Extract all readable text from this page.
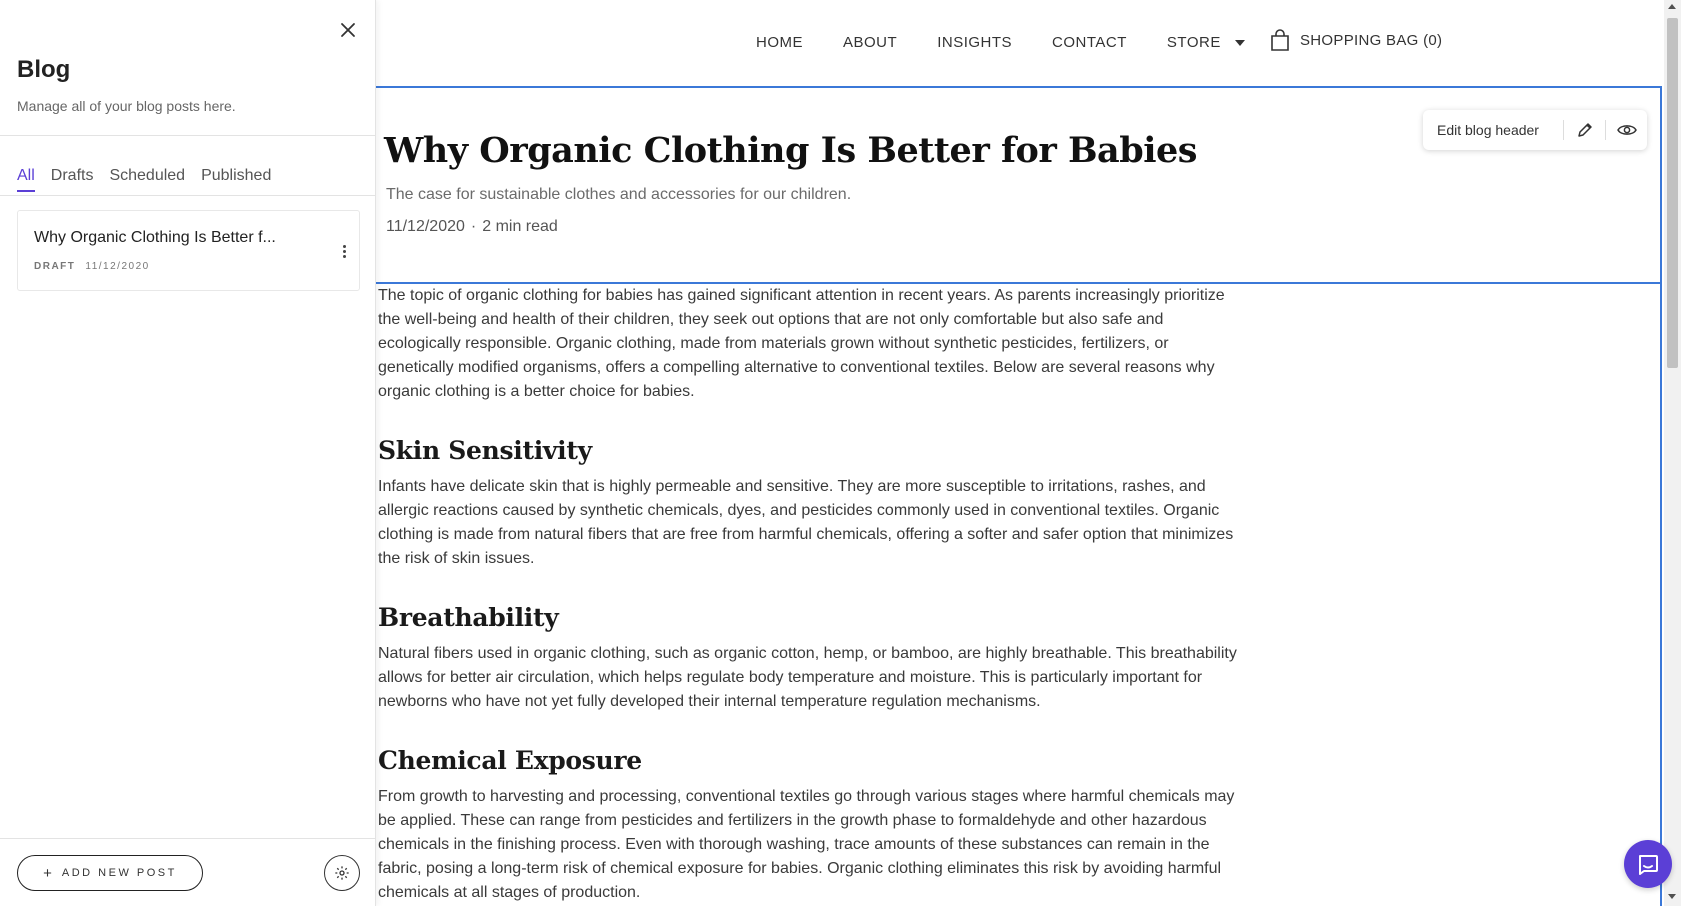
Blog

Manage all of your blog posts here.

All Drafts Scheduled Published
Why Organic Clothing Is Better f...
DRAFT 11/12/2020
+ ADD NEW POST
HOME	ABOUT	INSIGHTS	CONTACT	STORE	SHOPPING BAG (0)
Why Organic Clothing Is Better for Babies

The case for sustainable clothes and accessories for our children.

11/12/2020 · 2 min read
Edit blog header

The topic of organic clothing for babies has gained significant attention in recent years. As parents increasingly prioritize the well-being and health of their children, they seek out options that are not only comfortable but also safe and ecologically responsible. Organic clothing, made from materials grown without synthetic pesticides, fertilizers, or genetically modified organisms, offers a compelling alternative to conventional textiles. Below are several reasons why organic clothing is a better choice for babies.

Skin Sensitivity

Infants have delicate skin that is highly permeable and sensitive. They are more susceptible to irritations, rashes, and allergic reactions caused by synthetic chemicals, dyes, and pesticides commonly used in conventional textiles. Organic clothing is made from natural fibers that are free from harmful chemicals, offering a softer and safer option that minimizes the risk of skin issues.

Breathability

Natural fibers used in organic clothing, such as organic cotton, hemp, or bamboo, are highly breathable. This breathability allows for better air circulation, which helps regulate body temperature and moisture. This is particularly important for newborns who have not yet fully developed their internal temperature regulation mechanisms.

Chemical Exposure

From growth to harvesting and processing, conventional textiles go through various stages where harmful chemicals may be applied. These can range from pesticides and fertilizers in the growth phase to formaldehyde and other hazardous chemicals in the finishing process. Even with thorough washing, trace amounts of these substances can remain in the fabric, posing a long-term risk of chemical exposure for babies. Organic clothing eliminates this risk by avoiding harmful chemicals at all stages of production.
